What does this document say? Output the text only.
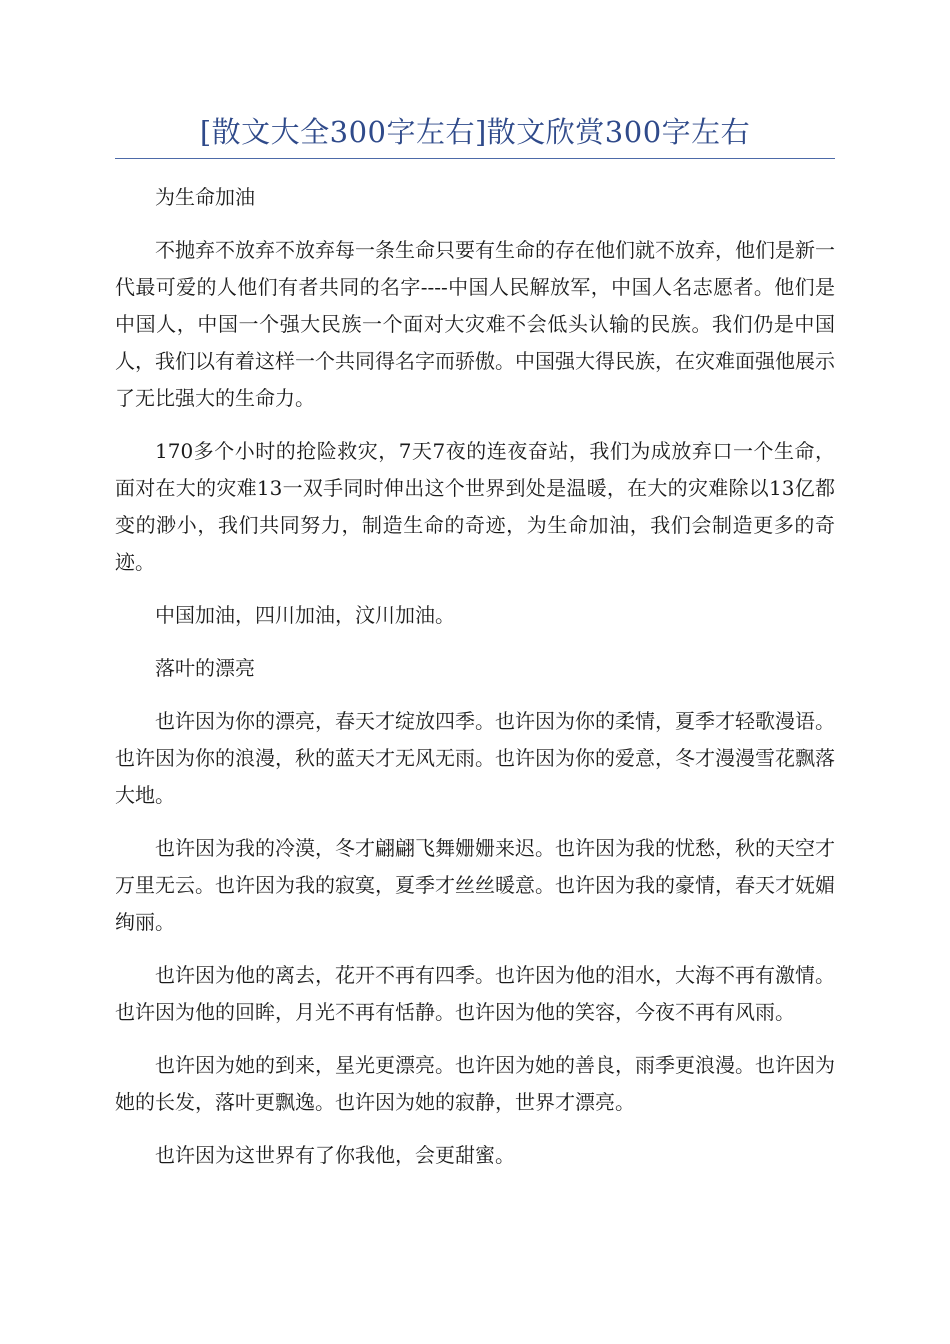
[散文大全300字左右]散文欣赏300字左右

为生命加油

不抛弃不放弃不放弃每一条生命只要有生命的存在他们就不放弃，他们是新一代最可爱的人他们有者共同的名字----中国人民解放军，中国人名志愿者。他们是中国人，中国一个强大民族一个面对大灾难不会低头认输的民族。我们仍是中国人，我们以有着这样一个共同得名字而骄傲。中国强大得民族，在灾难面强他展示了无比强大的生命力。

170多个小时的抢险救灾，7天7夜的连夜奋站，我们为成放弃口一个生命，面对在大的灾难13一双手同时伸出这个世界到处是温暖，在大的灾难除以13亿都变的渺小，我们共同努力，制造生命的奇迹，为生命加油，我们会制造更多的奇迹。

中国加油，四川加油，汶川加油。

落叶的漂亮

也许因为你的漂亮，春天才绽放四季。也许因为你的柔情，夏季才轻歌漫语。也许因为你的浪漫，秋的蓝天才无风无雨。也许因为你的爱意，冬才漫漫雪花飘落大地。

也许因为我的冷漠，冬才翩翩飞舞姗姗来迟。也许因为我的忧愁，秋的天空才万里无云。也许因为我的寂寞，夏季才丝丝暖意。也许因为我的豪情，春天才妩媚绚丽。

也许因为他的离去，花开不再有四季。也许因为他的泪水，大海不再有激情。也许因为他的回眸，月光不再有恬静。也许因为他的笑容，今夜不再有风雨。

也许因为她的到来，星光更漂亮。也许因为她的善良，雨季更浪漫。也许因为她的长发，落叶更飘逸。也许因为她的寂静，世界才漂亮。

也许因为这世界有了你我他，会更甜蜜。
